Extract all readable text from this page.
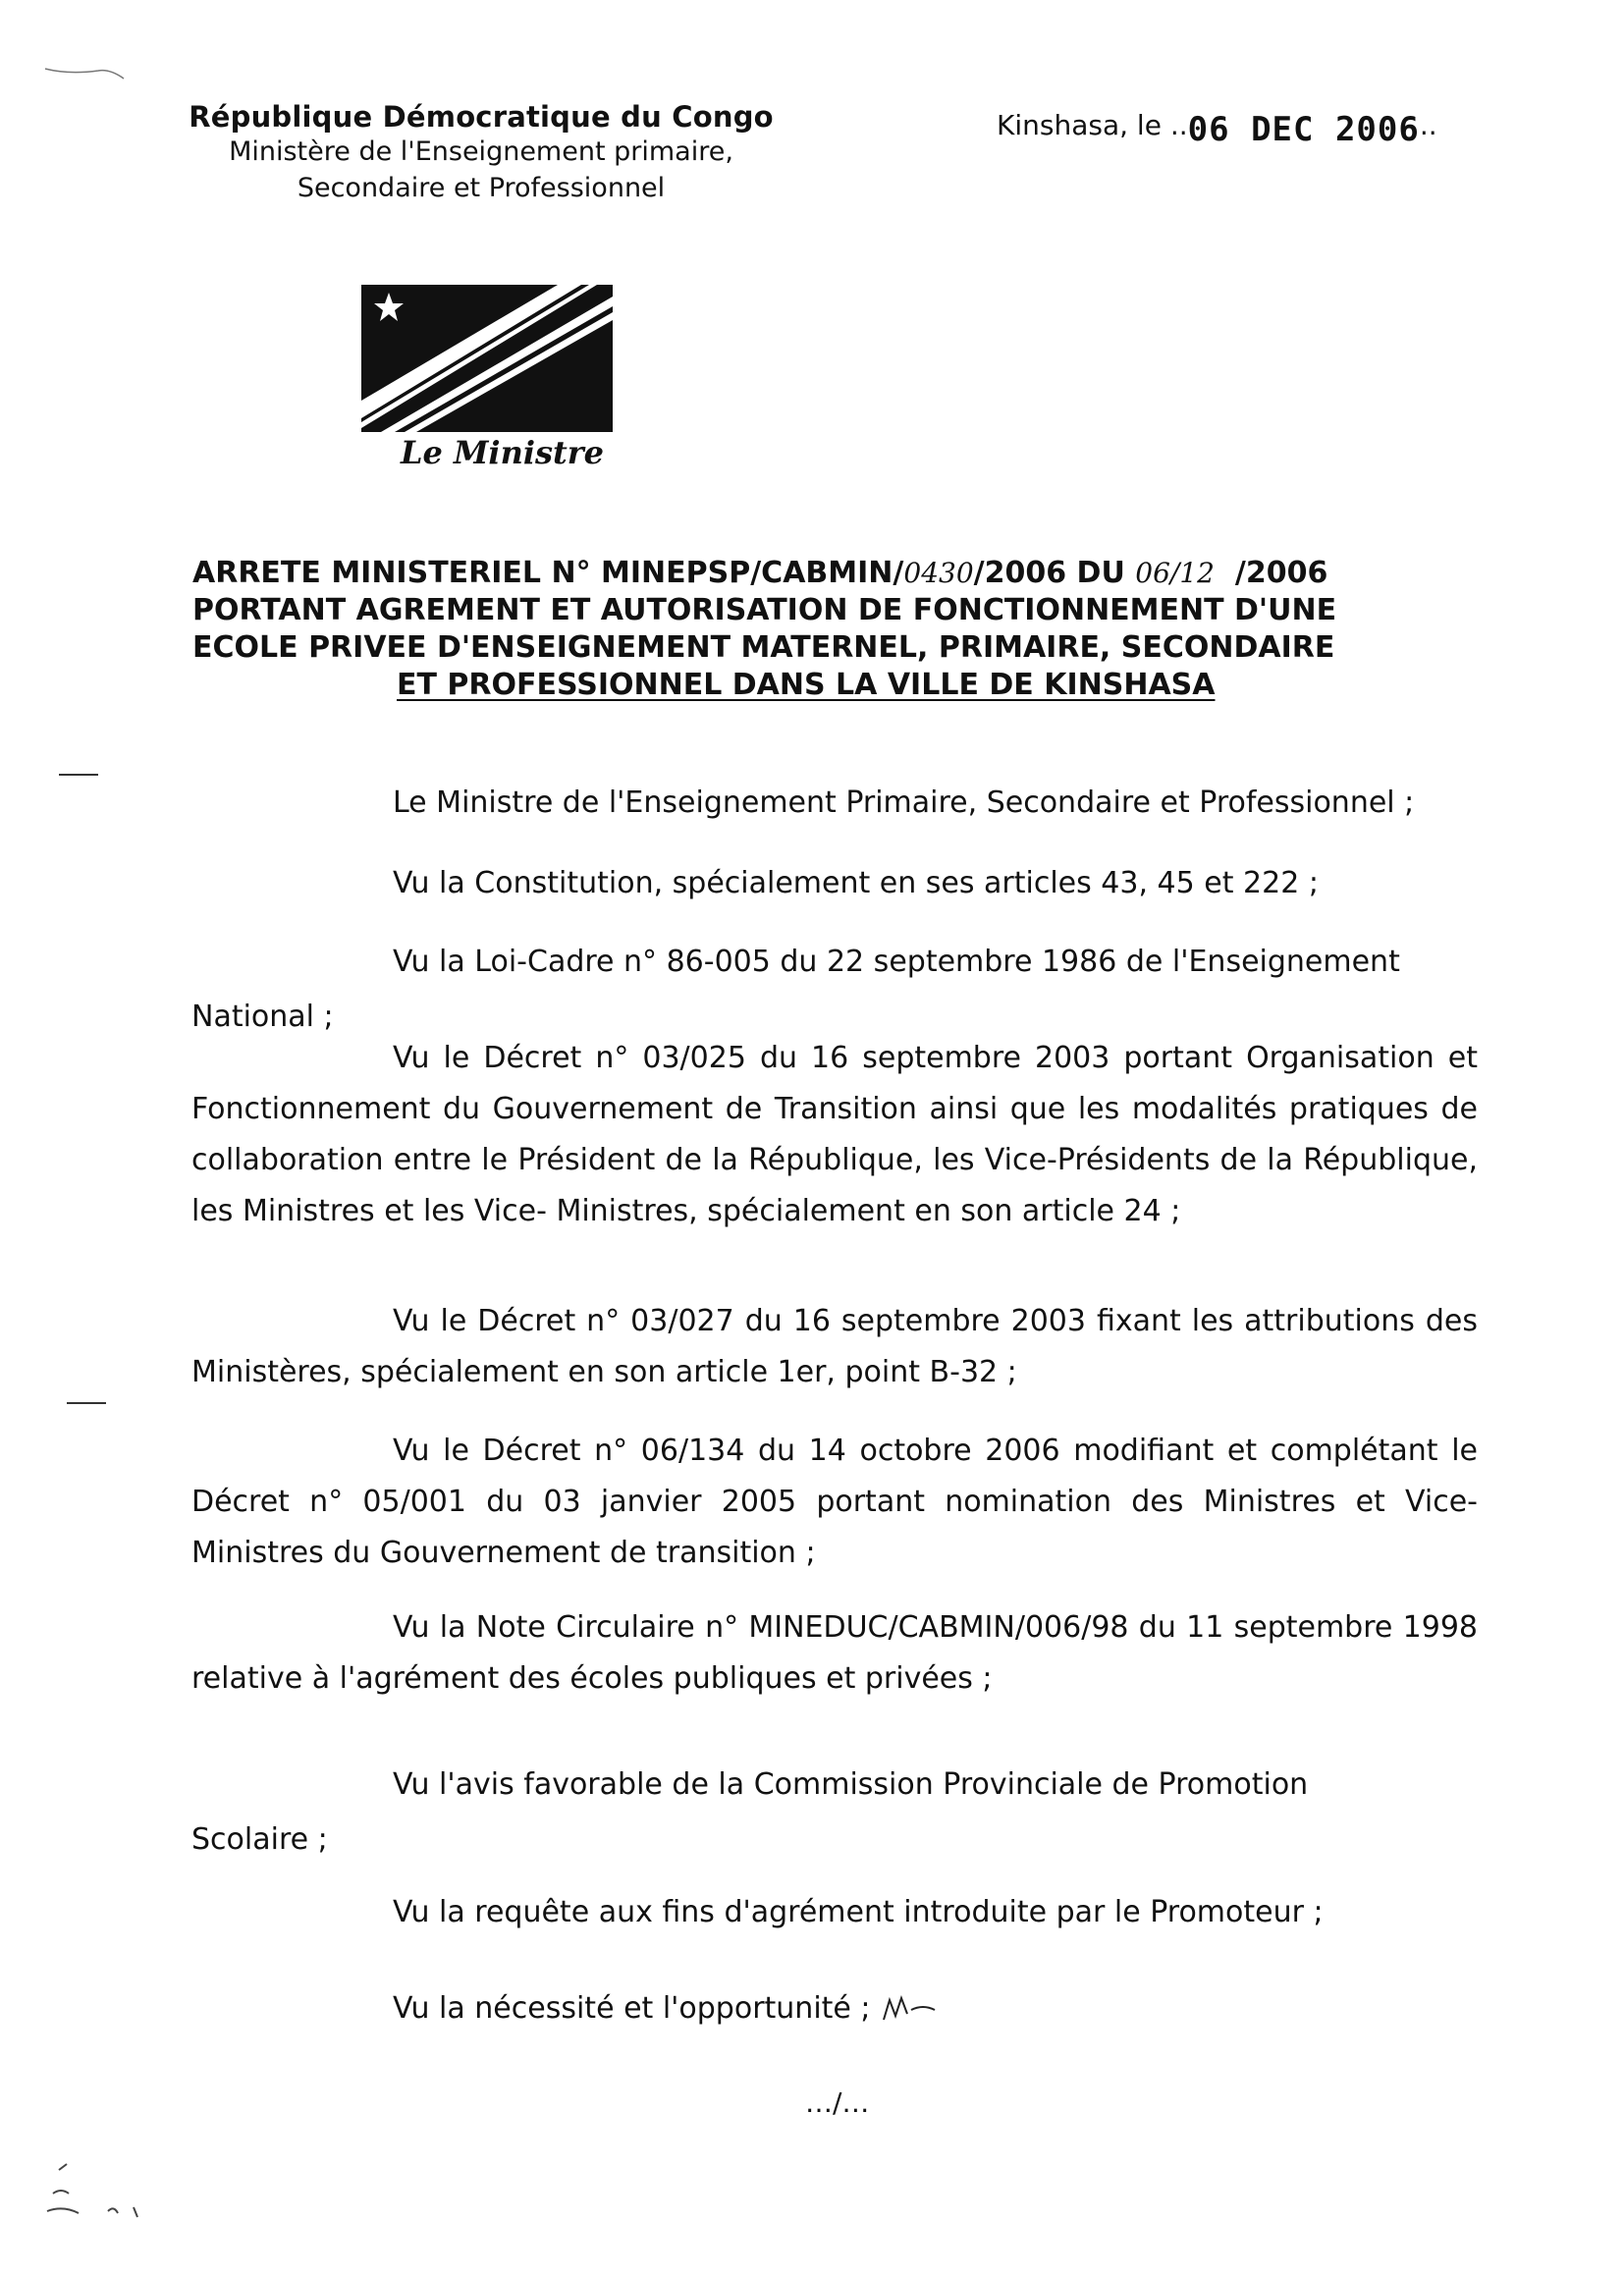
République Démocratique du Congo
Ministère de l'Enseignement primaire,
Secondaire et Professionnel
Kinshasa, le ..06 DEC 2006..
Le Ministre
ARRETE MINISTERIEL N° MINEPSP/CABMIN/0430/2006 DU 06/12 /2006
PORTANT AGREMENT ET AUTORISATION DE FONCTIONNEMENT D'UNE
ECOLE PRIVEE D'ENSEIGNEMENT MATERNEL, PRIMAIRE, SECONDAIRE
ET PROFESSIONNEL DANS LA VILLE DE KINSHASA
Le Ministre de l'Enseignement Primaire, Secondaire et Professionnel ;
Vu la Constitution, spécialement en ses articles 43, 45 et 222 ;
Vu la Loi-Cadre n° 86-005 du 22 septembre 1986 de l'Enseignement
National ;
Vu le Décret n° 03/025 du 16 septembre 2003 portant Organisation et Fonctionnement du Gouvernement de Transition ainsi que les modalités pratiques de collaboration entre le Président de la République, les Vice-Présidents de la République, les Ministres et les Vice- Ministres, spécialement en son article 24 ;
Vu le Décret n° 03/027 du 16 septembre 2003 fixant les attributions des Ministères, spécialement en son article 1er, point B-32 ;
Vu le Décret n° 06/134 du 14 octobre 2006 modifiant et complétant le Décret n° 05/001 du 03 janvier 2005 portant nomination des Ministres et Vice-Ministres du Gouvernement de transition ;
Vu la Note Circulaire n° MINEDUC/CABMIN/006/98 du 11 septembre 1998 relative à l'agrément des écoles publiques et privées ;
Vu l'avis favorable de la Commission Provinciale de Promotion
Scolaire ;
Vu la requête aux fins d'agrément introduite par le Promoteur ;
Vu la nécessité et l'opportunité ;
…/…
